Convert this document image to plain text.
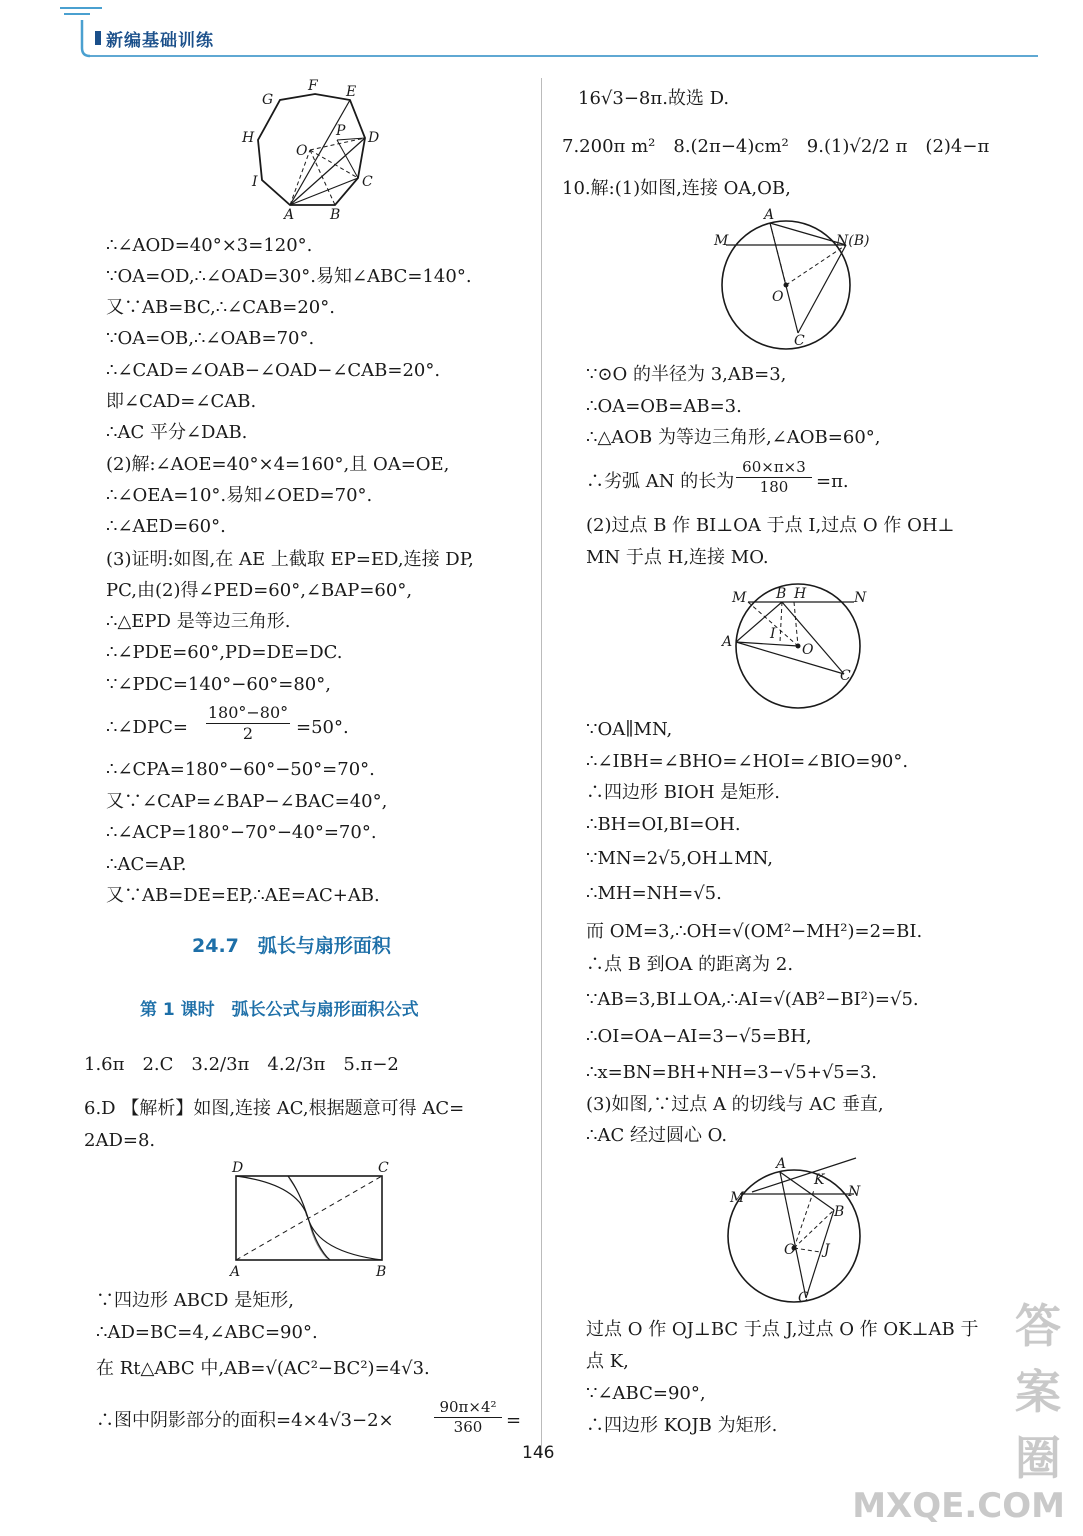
新编基础训练
F E
G
P D
H
O
C
I
A	B
∴∠AOD=40°×3=120°.
∵OA=OD,∴∠OAD=30°.易知∠ABC=140°.
又∵AB=BC,∴∠CAB=20°.
∵OA=OB,∴∠OAB=70°.
∴∠CAD=∠OAB−∠OAD−∠CAB=20°.
即∠CAD=∠CAB.
∴AC 平分∠DAB.
(2)解:∠AOE=40°×4=160°,且 OA=OE,
∴∠OEA=10°.易知∠OED=70°.
∴∠AED=60°.
(3)证明:如图,在 AE 上截取 EP=ED,连接 DP,
PC,由(2)得∠PED=60°,∠BAP=60°,
∴△EPD 是等边三角形.
∴∠PDE=60°,PD=DE=DC.
∵∠PDC=140°−60°=80°,
∴∠DPC= $\frac{180^\circ-80^\circ}{2} =50^\circ$.
∴∠CPA=180°−60°−50°=70°.
又∵∠CAP=∠BAP−∠BAC=40°,
∴∠ACP=180°−70°−40°=70°.
∴AC=AP.
又∵AB=DE=EP,∴AE=AC+AB.
24.7　弧长与扇形面积
第 1 课时　弧长公式与扇形面积公式
1.6π　2.C　3.2/3π　4.2/3π　5.π−2
6.D 【解析】如图,连接 AC,根据题意可得 AC=
2AD=8.
D	C
A	B
∵四边形 ABCD 是矩形,
∴AD=BC=4,∠ABC=90°.
在 Rt△ABC 中,AB=√(AC²−BC²)=4√3.
∴图中阴影部分的面积=4×4√3−2×	$\frac{\text{90π×4²}}{360}$ =
16√3−8π.故选 D.
7.200π m²　8.(2π−4)cm²　9.(1)√2/2 π　(2)4−π
10.解:(1)如图,连接 OA,OB,
A
M	N(B)
O
C
∵⊙O 的半径为 3,AB=3,
∴OA=OB=AB=3.
∴△AOB 为等边三角形,∠AOB=60°,
∴劣弧 AN 的长为 $\frac{60\times\pi\times 3}{180} =\pi$.
(2)过点 B 作 BI⊥OA 于点 I,过点 O 作 OH⊥
MN 于点 H,连接 MO.
M B H	N
I
A	O
C
∵OA∥MN,
∴∠IBH=∠BHO=∠HOI=∠BIO=90°.
∴四边形 BIOH 是矩形.
∴BH=OI,BI=OH.
∵MN=2√5,OH⊥MN,
∴MH=NH=√5.
而 OM=3,∴OH=√(OM²−MH²)=2=BI.
∴点 B 到OA 的距离为 2.
∵AB=3,BI⊥OA,∴AI=√(AB²−BI²)=√5.
∴OI=OA−AI=3−√5=BH,
∴x=BN=BH+NH=3−√5+√5=3.
(3)如图,∵过点 A 的切线与 AC 垂直,
∴AC 经过圆心 O.
A
K
M	N
B
O J
C
过点 O 作 OJ⊥BC 于点 J,过点 O 作 OK⊥AB 于
点 K,
∵∠ABC=90°,
∴四边形 KOJB 为矩形.
146
答案圈
MXQE.COM
